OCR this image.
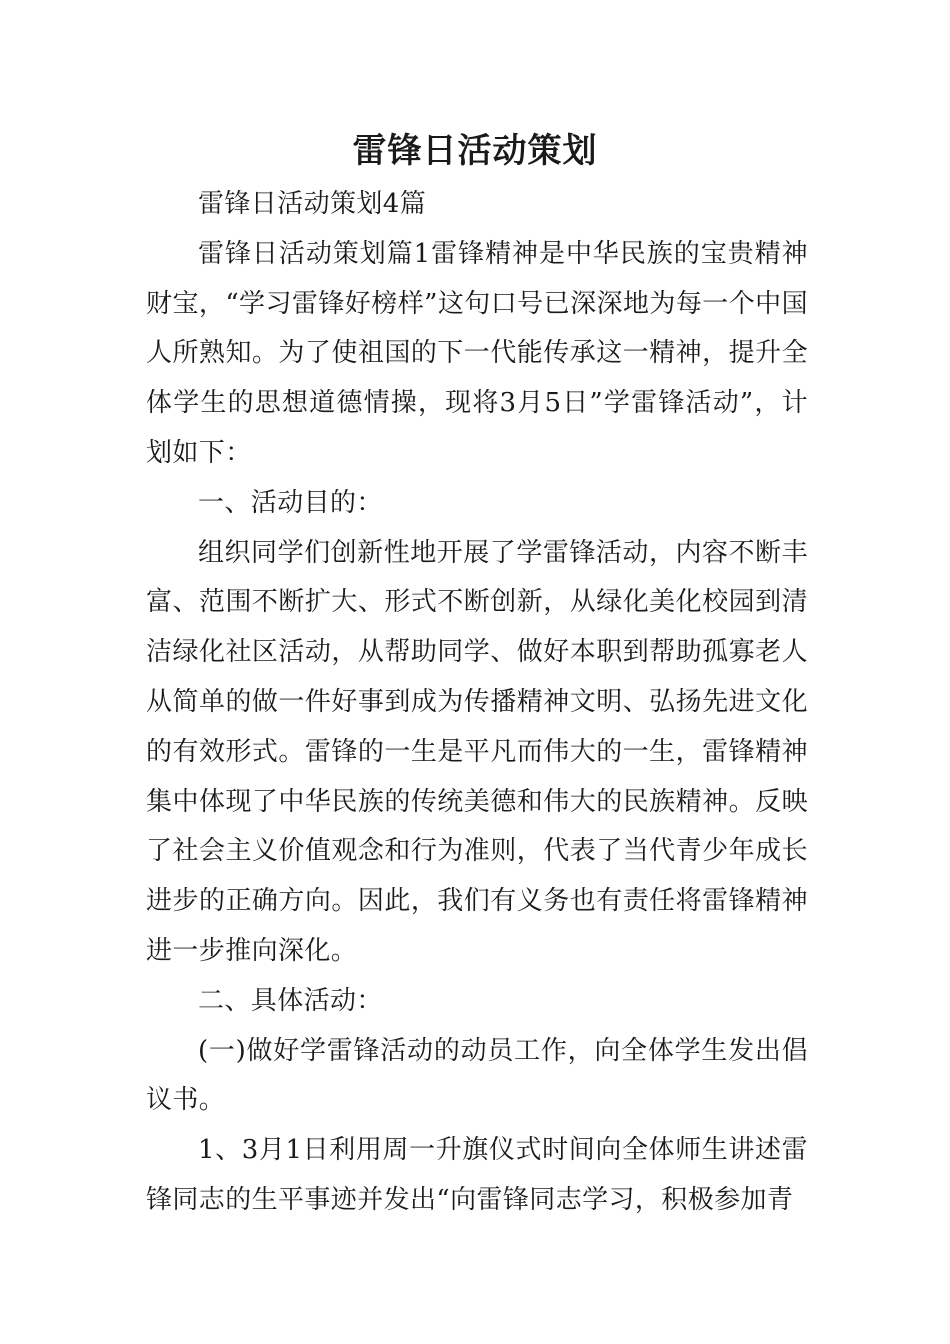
雷锋日活动策划

雷锋日活动策划4篇

雷锋日活动策划篇1雷锋精神是中华民族的宝贵精神财宝，“学习雷锋好榜样”这句口号已深深地为每一个中国人所熟知。为了使祖国的下一代能传承这一精神，提升全体学生的思想道德情操，现将3月5日”学雷锋活动”，计划如下：

一、活动目的：

组织同学们创新性地开展了学雷锋活动，内容不断丰富、范围不断扩大、形式不断创新，从绿化美化校园到清洁绿化社区活动，从帮助同学、做好本职到帮助孤寡老人从简单的做一件好事到成为传播精神文明、弘扬先进文化的有效形式。雷锋的一生是平凡而伟大的一生，雷锋精神集中体现了中华民族的传统美德和伟大的民族精神。反映了社会主义价值观念和行为准则，代表了当代青少年成长进步的正确方向。因此，我们有义务也有责任将雷锋精神进一步推向深化。

二、具体活动：

(一)做好学雷锋活动的动员工作，向全体学生发出倡议书。

1、3月1日利用周一升旗仪式时间向全体师生讲述雷锋同志的生平事迹并发出“向雷锋同志学习，积极参加青
